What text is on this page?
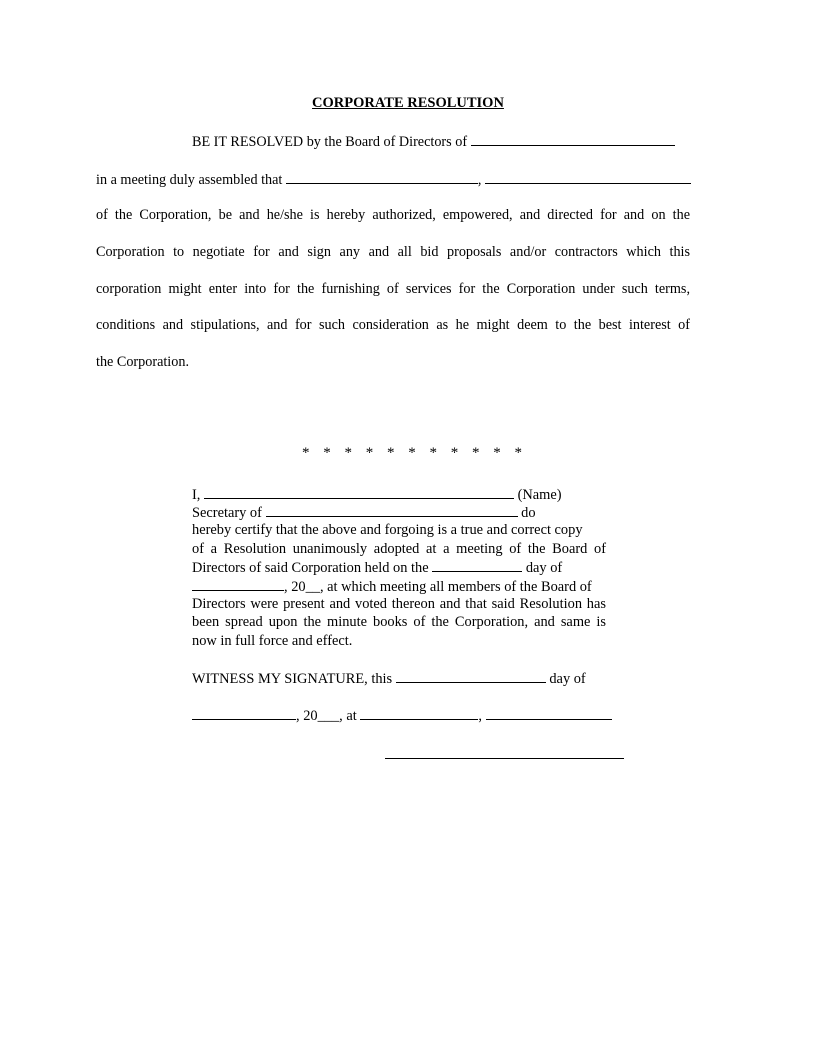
CORPORATE RESOLUTION
BE IT RESOLVED by the Board of Directors of
in a meeting duly assembled that	,
of the Corporation, be and he/she is hereby authorized, empowered, and directed for and on the
Corporation to negotiate for and sign any and all bid proposals and/or contractors which this
corporation might enter into for the furnishing of services for the Corporation under such terms,
conditions and stipulations, and for such consideration as he might deem to the best interest of
the Corporation.
* * * * * * * * * * *
I,	(Name)
Secretary of	do
hereby certify that the above and forgoing is a true and correct copy
of a Resolution unanimously adopted at a meeting of the Board of
Directors of said Corporation held on the	day of
, 20__, at which meeting all members of the Board of
Directors were present and voted thereon and that said Resolution has
been spread upon the minute books of the Corporation, and same is
now in full force and effect.
WITNESS MY SIGNATURE, this	day of
, 20___, at	,
